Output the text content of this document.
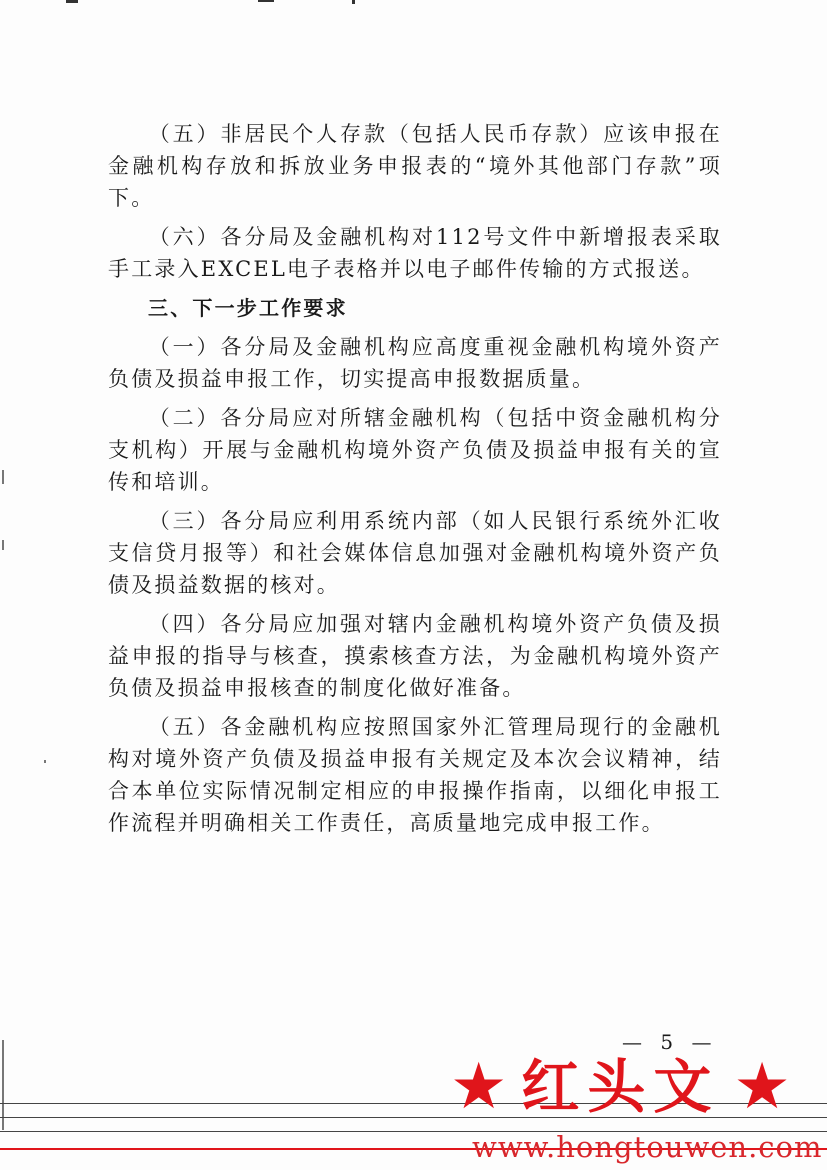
（五）非居民个人存款（包括人民币存款）应该申报在金融机构存放和拆放业务申报表的“境外其他部门存款”项下。

（六）各分局及金融机构对112号文件中新增报表采取手工录入EXCEL电子表格并以电子邮件传输的方式报送。

三、下一步工作要求

（一）各分局及金融机构应高度重视金融机构境外资产负债及损益申报工作，切实提高申报数据质量。

（二）各分局应对所辖金融机构（包括中资金融机构分支机构）开展与金融机构境外资产负债及损益申报有关的宣传和培训。

（三）各分局应利用系统内部（如人民银行系统外汇收支信贷月报等）和社会媒体信息加强对金融机构境外资产负债及损益数据的核对。

（四）各分局应加强对辖内金融机构境外资产负债及损益申报的指导与核查，摸索核查方法，为金融机构境外资产负债及损益申报核查的制度化做好准备。

（五）各金融机构应按照国家外汇管理局现行的金融机构对境外资产负债及损益申报有关规定及本次会议精神，结合本单位实际情况制定相应的申报操作指南，以细化申报工作流程并明确相关工作责任，高质量地完成申报工作。

— 5 —
★ 红头文 ★
www.hongtouwen.com
